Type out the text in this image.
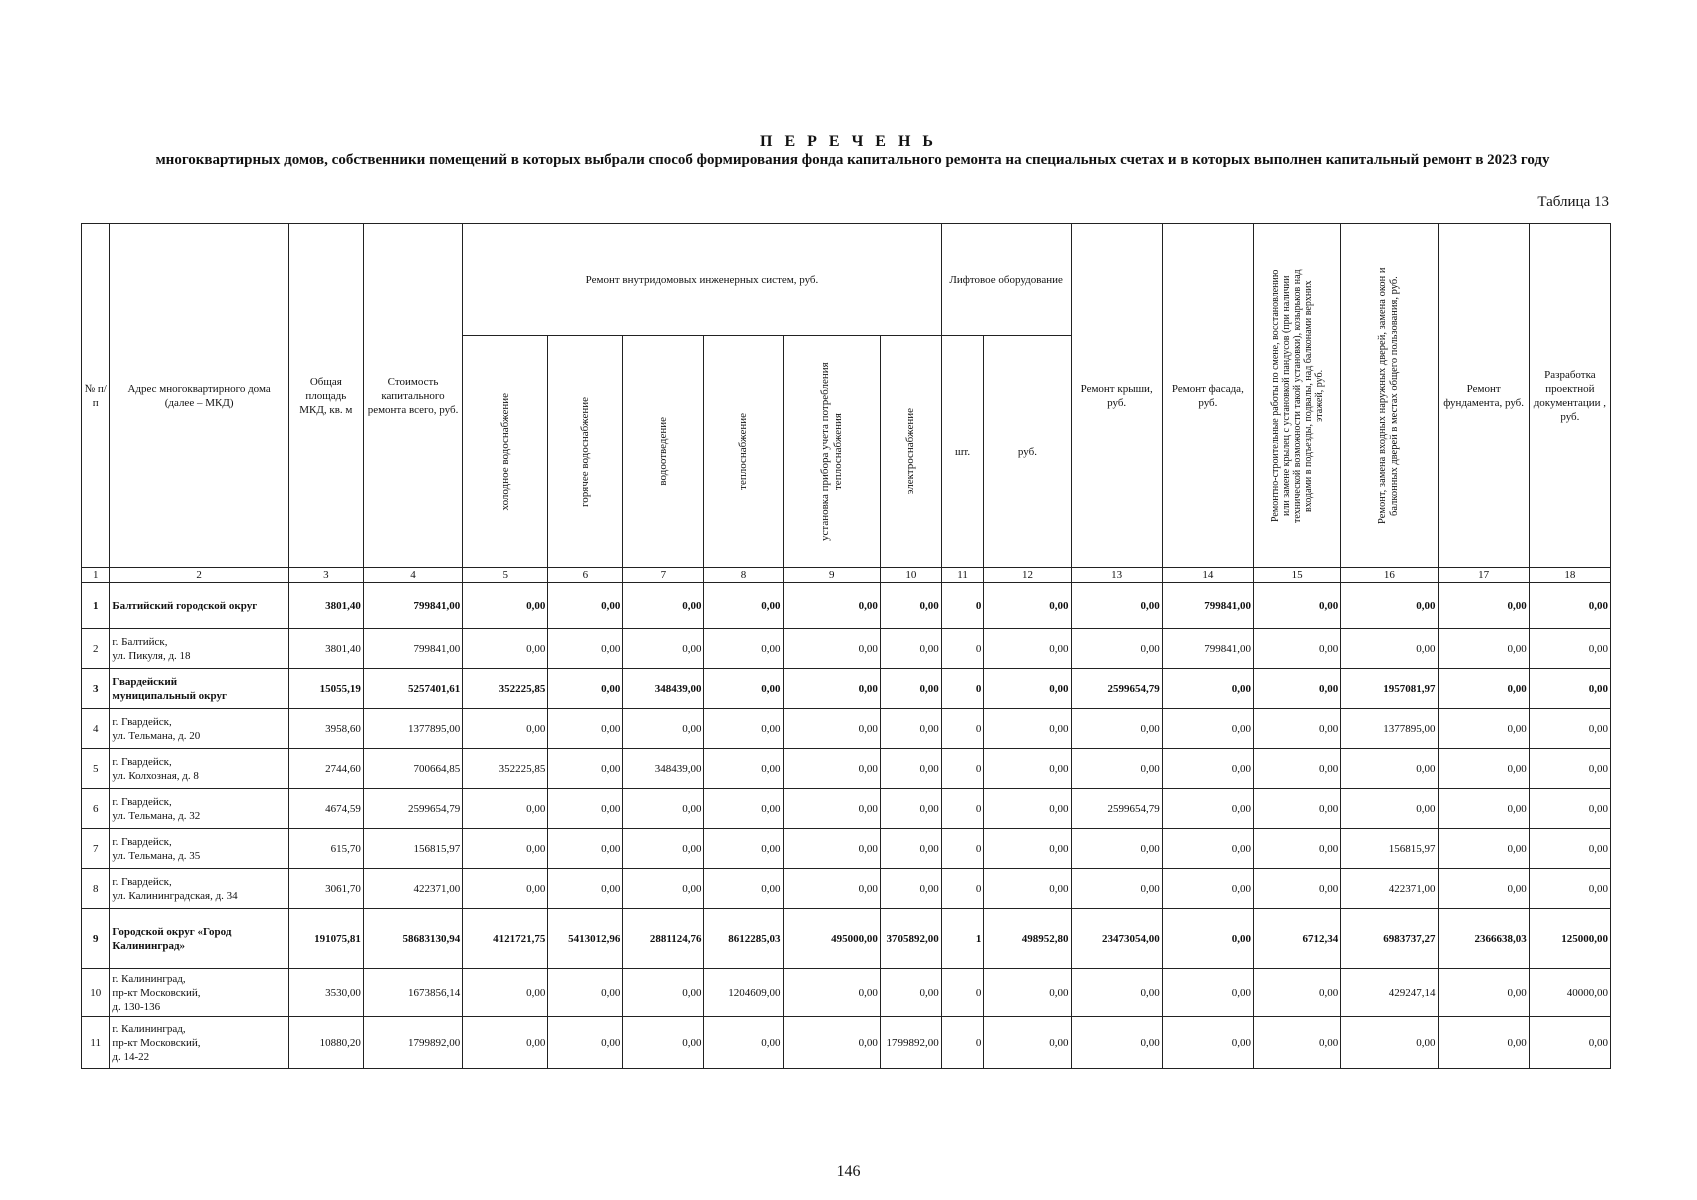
П Е Р Е Ч Е Н Ь
многоквартирных домов, собственники помещений в которых выбрали способ формирования фонда капитального ремонта на специальных счетах и в которых выполнен капитальный ремонт в 2023 году
Таблица 13
№ п/п	Адрес многоквартирного дома (далее – МКД)	Общая площадь МКД, кв. м	Стоимость капитального ремонта всего, руб.	Ремонт внутридомовых инженерных систем, руб.						Лифтовое оборудование		Ремонт крыши, руб.	Ремонт фасада, руб.	Ремонтно-строительные работы по смене, восстановлению или замене крылец с установкой пандусов (при наличии технической возможности такой установки), козырьков над входами в подъезды, подвалы, над балконами верхних этажей, руб.	Ремонт, замена входных наружных дверей, замена окон и балконных дверей в местах общего пользования, руб.	Ремонт фундамента, руб.	Разработка проектной документации , руб.

				холодное водоснабжение	горячее водоснабжение	водоотведение	теплоснабжение	установка прибора учета потребления теплоснабжения	электроснабжение	шт.	руб.						
1	2	3	4	5	6	7	8	9	10	11	12	13	14	15	16	17	18
1	Балтийский городской округ	3801,40	799841,00	0,00	0,00	0,00	0,00	0,00	0,00	0	0,00	0,00	799841,00	0,00	0,00	0,00	0,00
2	г. Балтийск,
ул. Пикуля, д. 18	3801,40	799841,00	0,00	0,00	0,00	0,00	0,00	0,00	0	0,00	0,00	799841,00	0,00	0,00	0,00	0,00
3	Гвардейский
муниципальный округ	15055,19	5257401,61	352225,85	0,00	348439,00	0,00	0,00	0,00	0	0,00	2599654,79	0,00	0,00	1957081,97	0,00	0,00
4	г. Гвардейск,
ул. Тельмана, д. 20	3958,60	1377895,00	0,00	0,00	0,00	0,00	0,00	0,00	0	0,00	0,00	0,00	0,00	1377895,00	0,00	0,00
5	г. Гвардейск,
ул. Колхозная, д. 8	2744,60	700664,85	352225,85	0,00	348439,00	0,00	0,00	0,00	0	0,00	0,00	0,00	0,00	0,00	0,00	0,00
6	г. Гвардейск,
ул. Тельмана, д. 32	4674,59	2599654,79	0,00	0,00	0,00	0,00	0,00	0,00	0	0,00	2599654,79	0,00	0,00	0,00	0,00	0,00
7	г. Гвардейск,
ул. Тельмана, д. 35	615,70	156815,97	0,00	0,00	0,00	0,00	0,00	0,00	0	0,00	0,00	0,00	0,00	156815,97	0,00	0,00
8	г. Гвардейск,
ул. Калининградская, д. 34	3061,70	422371,00	0,00	0,00	0,00	0,00	0,00	0,00	0	0,00	0,00	0,00	0,00	422371,00	0,00	0,00
9	Городской округ «Город
Калининград»	191075,81	58683130,94	4121721,75	5413012,96	2881124,76	8612285,03	495000,00	3705892,00	1	498952,80	23473054,00	0,00	6712,34	6983737,27	2366638,03	125000,00
10	г. Калининград,
пр-кт Московский,
д. 130-136	3530,00	1673856,14	0,00	0,00	0,00	1204609,00	0,00	0,00	0	0,00	0,00	0,00	0,00	429247,14	0,00	40000,00
11	г. Калининград,
пр-кт Московский,
д. 14-22	10880,20	1799892,00	0,00	0,00	0,00	0,00	0,00	1799892,00	0	0,00	0,00	0,00	0,00	0,00	0,00	0,00
146
